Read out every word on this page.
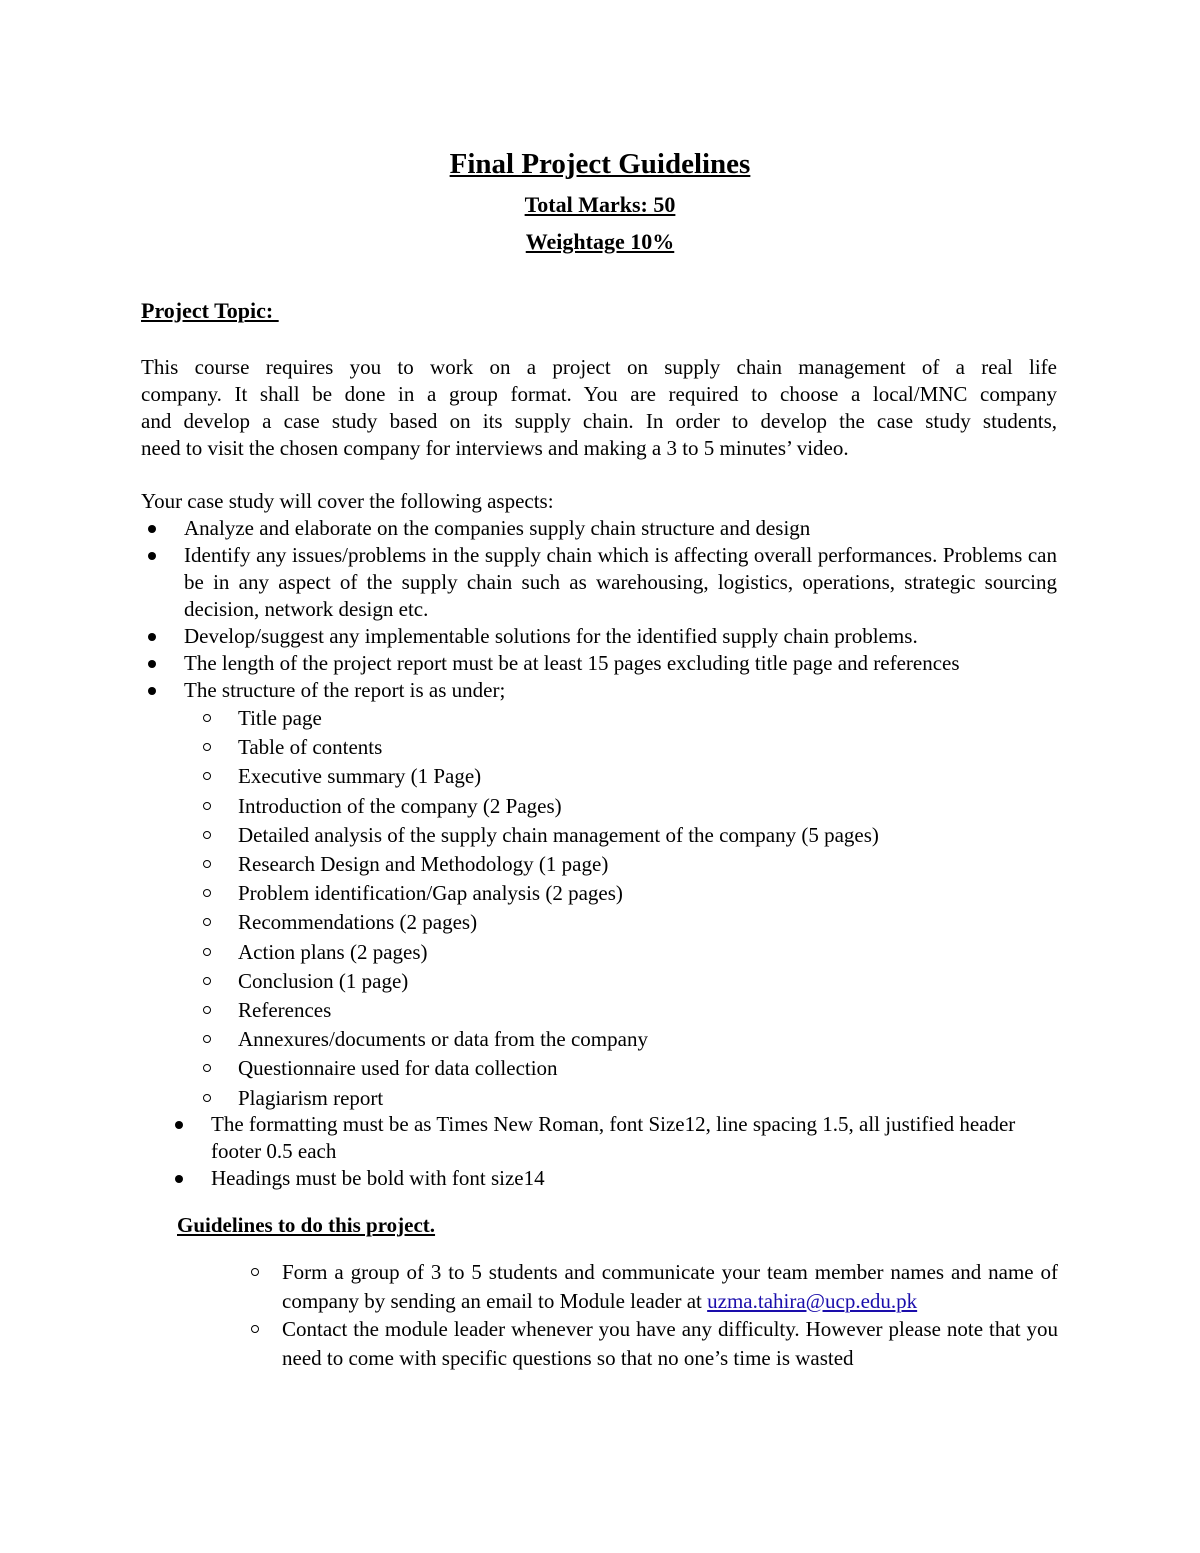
Final Project Guidelines

Total Marks: 50

Weightage 10%

Project Topic:

This course requires you to work on a project on supply chain management of a real life
company. It shall be done in a group format. You are required to choose a local/MNC company
and develop a case study based on its supply chain. In order to develop the case study students,
need to visit the chosen company for interviews and making a 3 to 5 minutes’ video.

Your case study will cover the following aspects:

Analyze and elaborate on the companies supply chain structure and design
Identify any issues/problems in the supply chain which is affecting overall performances. Problems can be in any aspect of the supply chain such as warehousing, logistics, operations, strategic sourcing decision, network design etc.
Develop/suggest any implementable solutions for the identified supply chain problems.
The length of the project report must be at least 15 pages excluding title page and references
The structure of the report is as under;
Title page
Table of contents
Executive summary (1 Page)
Introduction of the company (2 Pages)
Detailed analysis of the supply chain management of the company (5 pages)
Research Design and Methodology (1 page)
Problem identification/Gap analysis (2 pages)
Recommendations (2 pages)
Action plans (2 pages)
Conclusion (1 page)
References
Annexures/documents or data from the company
Questionnaire used for data collection
Plagiarism report
The formatting must be as Times New Roman, font Size12, line spacing 1.5, all justified header footer 0.5 each
Headings must be bold with font size14

Guidelines to do this project.

Form a group of 3 to 5 students and communicate your team member names and name of company by sending an email to Module leader at uzma.tahira@ucp.edu.pk
Contact the module leader whenever you have any difficulty. However please note that you need to come with specific questions so that no one’s time is wasted
